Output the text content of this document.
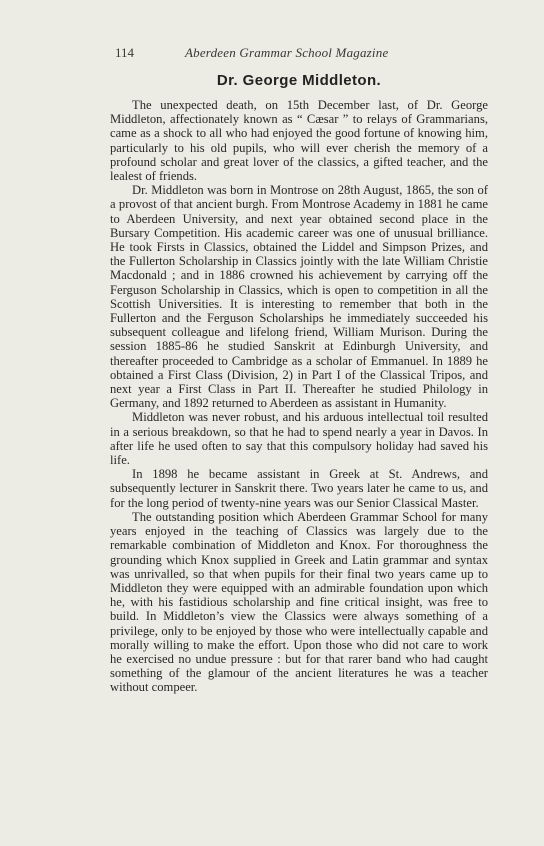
114	Aberdeen Grammar School Magazine
Dr. George Middleton.

The unexpected death, on 15th December last, of Dr. George Middleton, affectionately known as “ Cæsar ” to relays of Grammarians, came as a shock to all who had enjoyed the good fortune of knowing him, particularly to his old pupils, who will ever cherish the memory of a profound scholar and great lover of the classics, a gifted teacher, and the lealest of friends.

Dr. Middleton was born in Montrose on 28th August, 1865, the son of a provost of that ancient burgh. From Montrose Academy in 1881 he came to Aberdeen University, and next year obtained second place in the Bursary Competition. His academic career was one of unusual brilliance. He took Firsts in Classics, obtained the Liddel and Simpson Prizes, and the Fullerton Scholarship in Classics jointly with the late William Christie Macdonald ; and in 1886 crowned his achievement by carrying off the Ferguson Scholarship in Classics, which is open to competition in all the Scottish Universities. It is interesting to remember that both in the Fullerton and the Ferguson Scholarships he immediately succeeded his subsequent colleague and lifelong friend, William Murison. During the session 1885-86 he studied Sanskrit at Edinburgh University, and thereafter proceeded to Cambridge as a scholar of Emmanuel. In 1889 he obtained a First Class (Division, 2) in Part I of the Classical Tripos, and next year a First Class in Part II. Thereafter he studied Philology in Germany, and 1892 returned to Aberdeen as assistant in Humanity.

Middleton was never robust, and his arduous intellectual toil resulted in a serious breakdown, so that he had to spend nearly a year in Davos. In after life he used often to say that this compulsory holiday had saved his life.

In 1898 he became assistant in Greek at St. Andrews, and subsequently lecturer in Sanskrit there. Two years later he came to us, and for the long period of twenty-nine years was our Senior Classical Master.

The outstanding position which Aberdeen Grammar School for many years enjoyed in the teaching of Classics was largely due to the remarkable combination of Middleton and Knox. For thoroughness the grounding which Knox supplied in Greek and Latin grammar and syntax was unrivalled, so that when pupils for their final two years came up to Middleton they were equipped with an admirable foundation upon which he, with his fastidious scholarship and fine critical insight, was free to build. In Middleton’s view the Classics were always something of a privilege, only to be enjoyed by those who were intellectually capable and morally willing to make the effort. Upon those who did not care to work he exercised no undue pressure : but for that rarer band who had caught something of the glamour of the ancient literatures he was a teacher without compeer.
